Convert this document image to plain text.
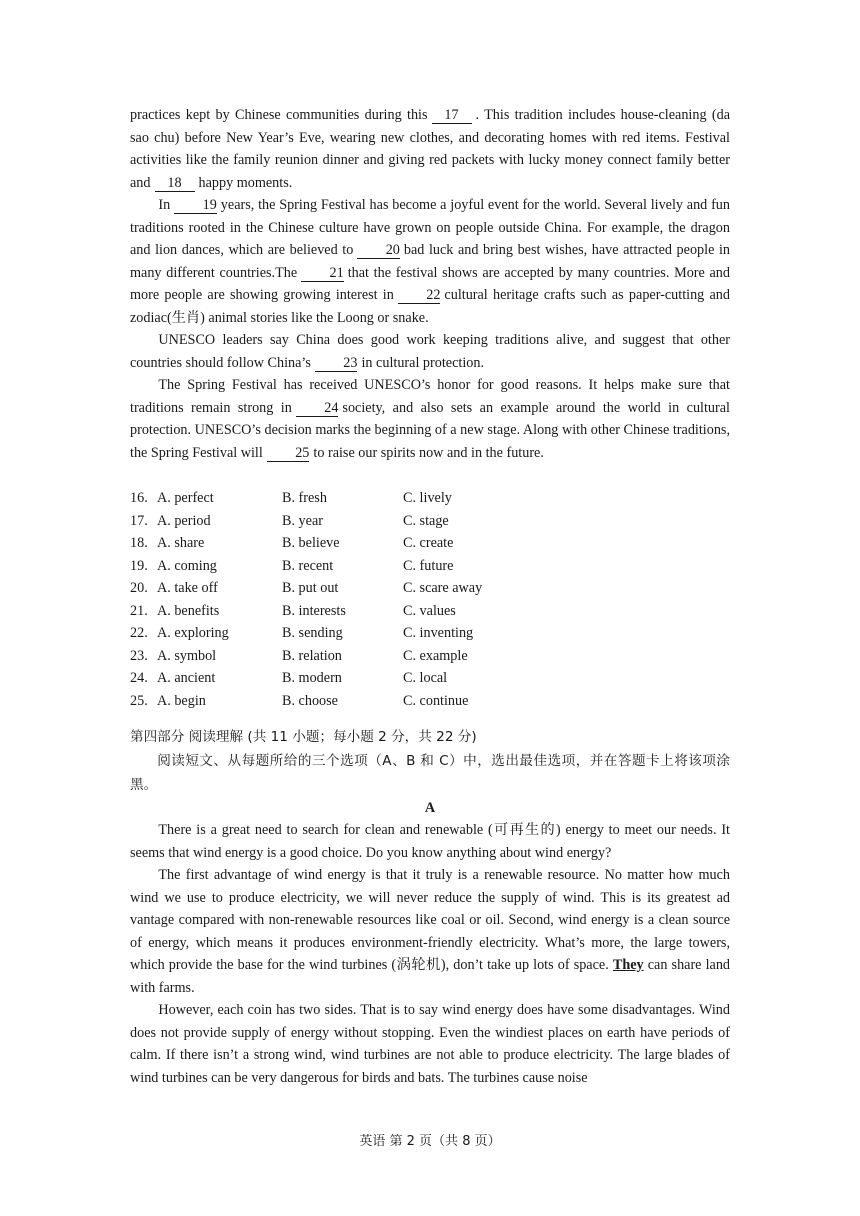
practices kept by Chinese communities during this 17 . This tradition includes house-cleaning (da sao chu) before New Year’s Eve, wearing new clothes, and decorating homes with red items. Festival activities like the family reunion dinner and giving red packets with lucky money connect family better and 18 happy moments.

In 19 years, the Spring Festival has become a joyful event for the world. Several lively and fun traditions rooted in the Chinese culture have grown on people outside China. For example, the dragon and lion dances, which are believed to 20 bad luck and bring best wishes, have attracted people in many different countries.The 21 that the festival shows are accepted by many countries. More and more people are showing growing interest in 22 cultural heritage crafts such as paper-cutting and zodiac(生肖) animal stories like the Loong or snake.

UNESCO leaders say China does good work keeping traditions alive, and suggest that other countries should follow China’s 23 in cultural protection.

The Spring Festival has received UNESCO’s honor for good reasons. It helps make sure that traditions remain strong in 24 society, and also sets an example around the world in cultural protection. UNESCO’s decision marks the beginning of a new stage. Along with other Chinese traditions, the Spring Festival will 25 to raise our spirits now and in the future.

16. A. perfect	B. fresh	C. lively
17. A. period	B. year	C. stage
18. A. share	B. believe	C. create
19. A. coming	B. recent	C. future
20. A. take off	B. put out	C. scare away
21. A. benefits	B. interests	C. values
22. A. exploring	B. sending	C. inventing
23. A. symbol	B. relation	C. example
24. A. ancient	B. modern	C. local
25. A. begin	B. choose	C. continue

第四部分 阅读理解 (共 11 小题；每小题 2 分，共 22 分)

阅读短文、从每题所给的三个选项（A、B 和 C）中，选出最佳选项，并在答题卡上将该项涂黑。

A

There is a great need to search for clean and renewable (可再生的) energy to meet our needs. It seems that wind energy is a good choice. Do you know anything about wind energy?

The first advantage of wind energy is that it truly is a renewable resource. No matter how much wind we use to produce electricity, we will never reduce the supply of wind. This is its greatest ad vantage compared with non-renewable resources like coal or oil. Second, wind energy is a clean source of energy, which means it produces environment-friendly electricity. What’s more, the large towers, which provide the base for the wind turbines (涡轮机), don’t take up lots of space. They can share land with farms.

However, each coin has two sides. That is to say wind energy does have some disadvantages. Wind does not provide supply of energy without stopping. Even the windiest places on earth have periods of calm. If there isn’t a strong wind, wind turbines are not able to produce electricity. The large blades of wind turbines can be very dangerous for birds and bats. The turbines cause noise

英语 第 2 页（共 8 页）
